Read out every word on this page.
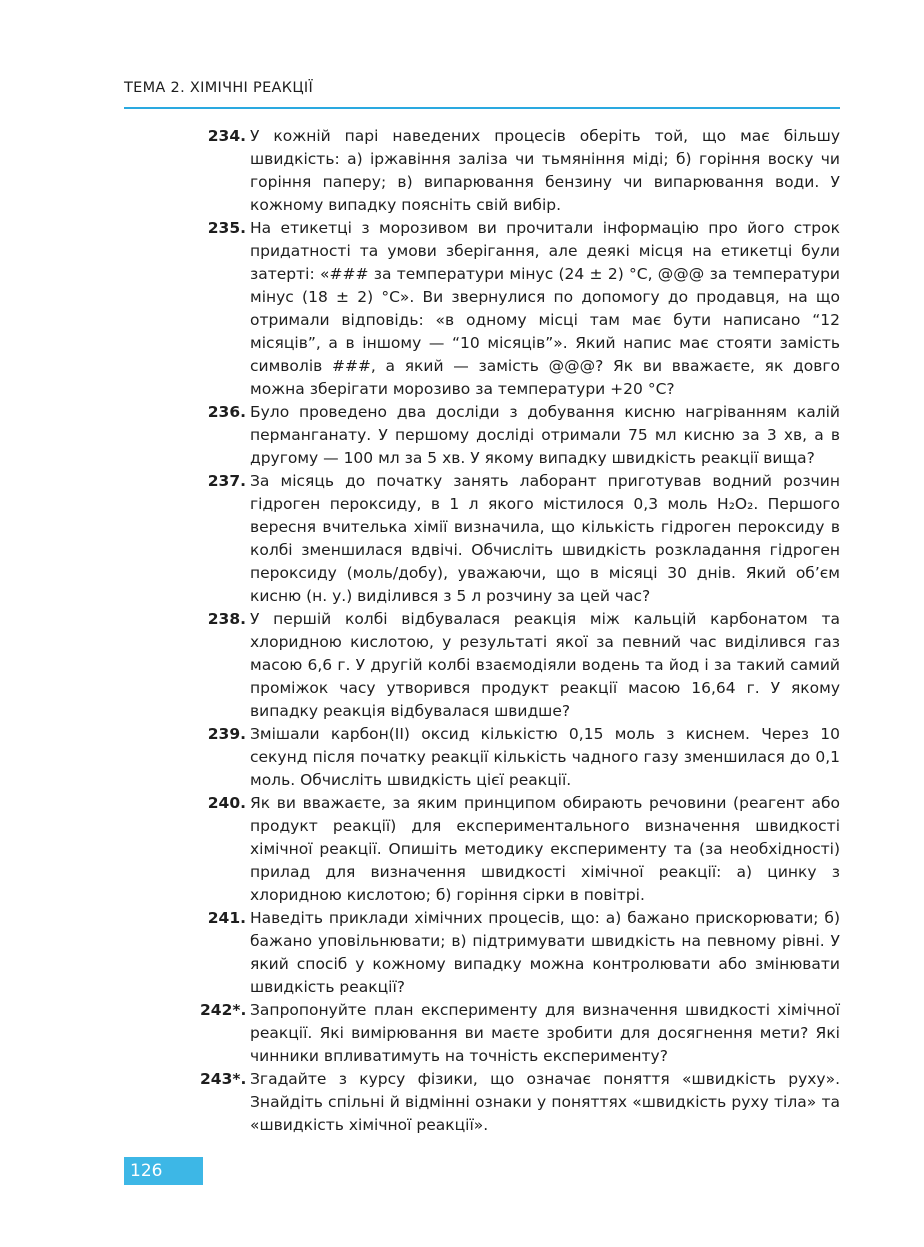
ТЕМА 2. ХІМІЧНІ РЕАКЦІЇ
234. У кожній парі наведених процесів оберіть той, що має більшу швидкість: а) іржавіння заліза чи тьмяніння міді; б) горіння воску чи горіння паперу; в) випарювання бензину чи випарювання води. У кожному випадку поясніть свій вибір.
235. На етикетці з морозивом ви прочитали інформацію про його строк придатності та умови зберігання, але деякі місця на етикетці були затерті: «### за температури мінус (24 ± 2) °С, @@@ за температури мінус (18 ± 2) °С». Ви звернулися по допомогу до продавця, на що отримали відповідь: «в одному місці там має бути написано “12 місяців”, а в іншому — “10 місяців”». Який напис має стояти замість символів ###, а який — замість @@@? Як ви вважаєте, як довго можна зберігати морозиво за температури +20 °С?
236. Було проведено два досліди з добування кисню нагріванням калій перманганату. У першому досліді отримали 75 мл кисню за 3 хв, а в другому — 100 мл за 5 хв. У якому випадку швидкість реакції вища?
237. За місяць до початку занять лаборант приготував водний розчин гідроген пероксиду, в 1 л якого містилося 0,3 моль H₂O₂. Першого вересня вчителька хімії визначила, що кількість гідроген пероксиду в колбі зменшилася вдвічі. Обчисліть швидкість розкладання гідроген пероксиду (моль/добу), уважаючи, що в місяці 30 днів. Який об’єм кисню (н. у.) виділився з 5 л розчину за цей час?
238. У першій колбі відбувалася реакція між кальцій карбонатом та хлоридною кислотою, у результаті якої за певний час виділився газ масою 6,6 г. У другій колбі взаємодіяли водень та йод і за такий самий проміжок часу утворився продукт реакції масою 16,64 г. У якому випадку реакція відбувалася швидше?
239. Змішали карбон(ІІ) оксид кількістю 0,15 моль з киснем. Через 10 секунд після початку реакції кількість чадного газу зменшилася до 0,1 моль. Обчисліть швидкість цієї реакції.
240. Як ви вважаєте, за яким принципом обирають речовини (реагент або продукт реакції) для експериментального визначення швидкості хімічної реакції. Опишіть методику експерименту та (за необхідності) прилад для визначення швидкості хімічної реакції: а) цинку з хлоридною кислотою; б) горіння сірки в повітрі.
241. Наведіть приклади хімічних процесів, що: а) бажано прискорювати; б) бажано уповільнювати; в) підтримувати швидкість на певному рівні. У який спосіб у кожному випадку можна контролювати або змінювати швидкість реакції?
242*. Запропонуйте план експерименту для визначення швидкості хімічної реакції. Які вимірювання ви маєте зробити для досягнення мети? Які чинники впливатимуть на точність експерименту?
243*. Згадайте з курсу фізики, що означає поняття «швидкість руху». Знайдіть спільні й відмінні ознаки у поняттях «швидкість руху тіла» та «швидкість хімічної реакції».
126
